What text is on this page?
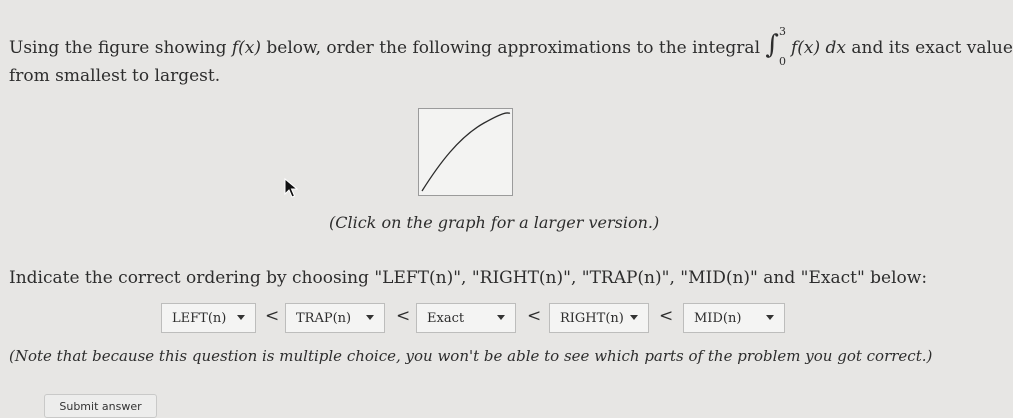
Using the figure showing f(x) below, order the following approximations to the integral ∫ 3
0
f(x) dx and its exact value
from smallest to largest.
(Click on the graph for a larger version.)
Indicate the correct ordering by choosing "LEFT(n)", "RIGHT(n)", "TRAP(n)", "MID(n)" and "Exact" below:
LEFT(n) < TRAP(n)	< Exact	< RIGHT(n) < MID(n)
(Note that because this question is multiple choice, you won't be able to see which parts of the problem you got correct.)
Submit answer
